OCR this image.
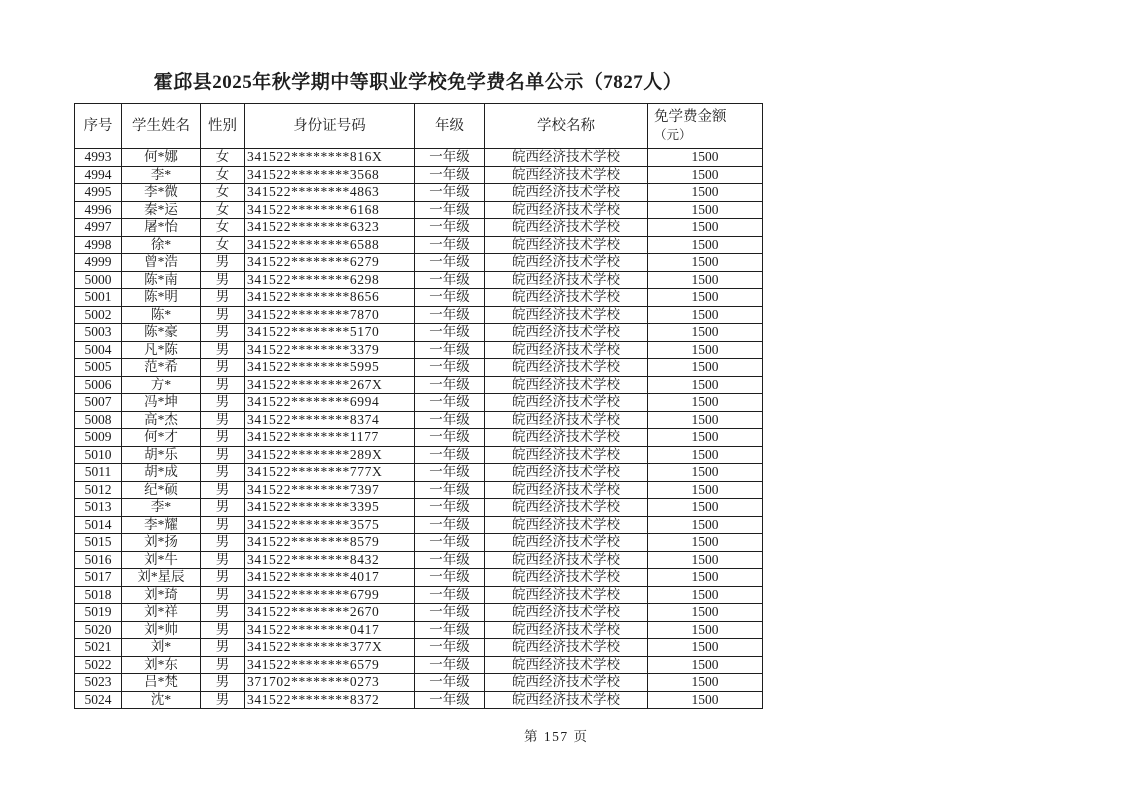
霍邱县2025年秋学期中等职业学校免学费名单公示（7827人）
序号	学生姓名	性别	身份证号码	年级	学校名称	免学费金额
（元）

4993	何*娜	女	341522********816X	一年级	皖西经济技术学校	1500
4994	李*	女	341522********3568	一年级	皖西经济技术学校	1500
4995	李*微	女	341522********4863	一年级	皖西经济技术学校	1500
4996	秦*运	女	341522********6168	一年级	皖西经济技术学校	1500
4997	屠*怡	女	341522********6323	一年级	皖西经济技术学校	1500
4998	徐*	女	341522********6588	一年级	皖西经济技术学校	1500
4999	曾*浩	男	341522********6279	一年级	皖西经济技术学校	1500
5000	陈*南	男	341522********6298	一年级	皖西经济技术学校	1500
5001	陈*明	男	341522********8656	一年级	皖西经济技术学校	1500
5002	陈*	男	341522********7870	一年级	皖西经济技术学校	1500
5003	陈*豪	男	341522********5170	一年级	皖西经济技术学校	1500
5004	凡*陈	男	341522********3379	一年级	皖西经济技术学校	1500
5005	范*希	男	341522********5995	一年级	皖西经济技术学校	1500
5006	方*	男	341522********267X	一年级	皖西经济技术学校	1500
5007	冯*坤	男	341522********6994	一年级	皖西经济技术学校	1500
5008	高*杰	男	341522********8374	一年级	皖西经济技术学校	1500
5009	何*才	男	341522********1177	一年级	皖西经济技术学校	1500
5010	胡*乐	男	341522********289X	一年级	皖西经济技术学校	1500
5011	胡*成	男	341522********777X	一年级	皖西经济技术学校	1500
5012	纪*硕	男	341522********7397	一年级	皖西经济技术学校	1500
5013	李*	男	341522********3395	一年级	皖西经济技术学校	1500
5014	李*耀	男	341522********3575	一年级	皖西经济技术学校	1500
5015	刘*扬	男	341522********8579	一年级	皖西经济技术学校	1500
5016	刘*牛	男	341522********8432	一年级	皖西经济技术学校	1500
5017	刘*星辰	男	341522********4017	一年级	皖西经济技术学校	1500
5018	刘*琦	男	341522********6799	一年级	皖西经济技术学校	1500
5019	刘*祥	男	341522********2670	一年级	皖西经济技术学校	1500
5020	刘*帅	男	341522********0417	一年级	皖西经济技术学校	1500
5021	刘*	男	341522********377X	一年级	皖西经济技术学校	1500
5022	刘*东	男	341522********6579	一年级	皖西经济技术学校	1500
5023	吕*梵	男	371702********0273	一年级	皖西经济技术学校	1500
5024	沈*	男	341522********8372	一年级	皖西经济技术学校	1500
第 157 页
